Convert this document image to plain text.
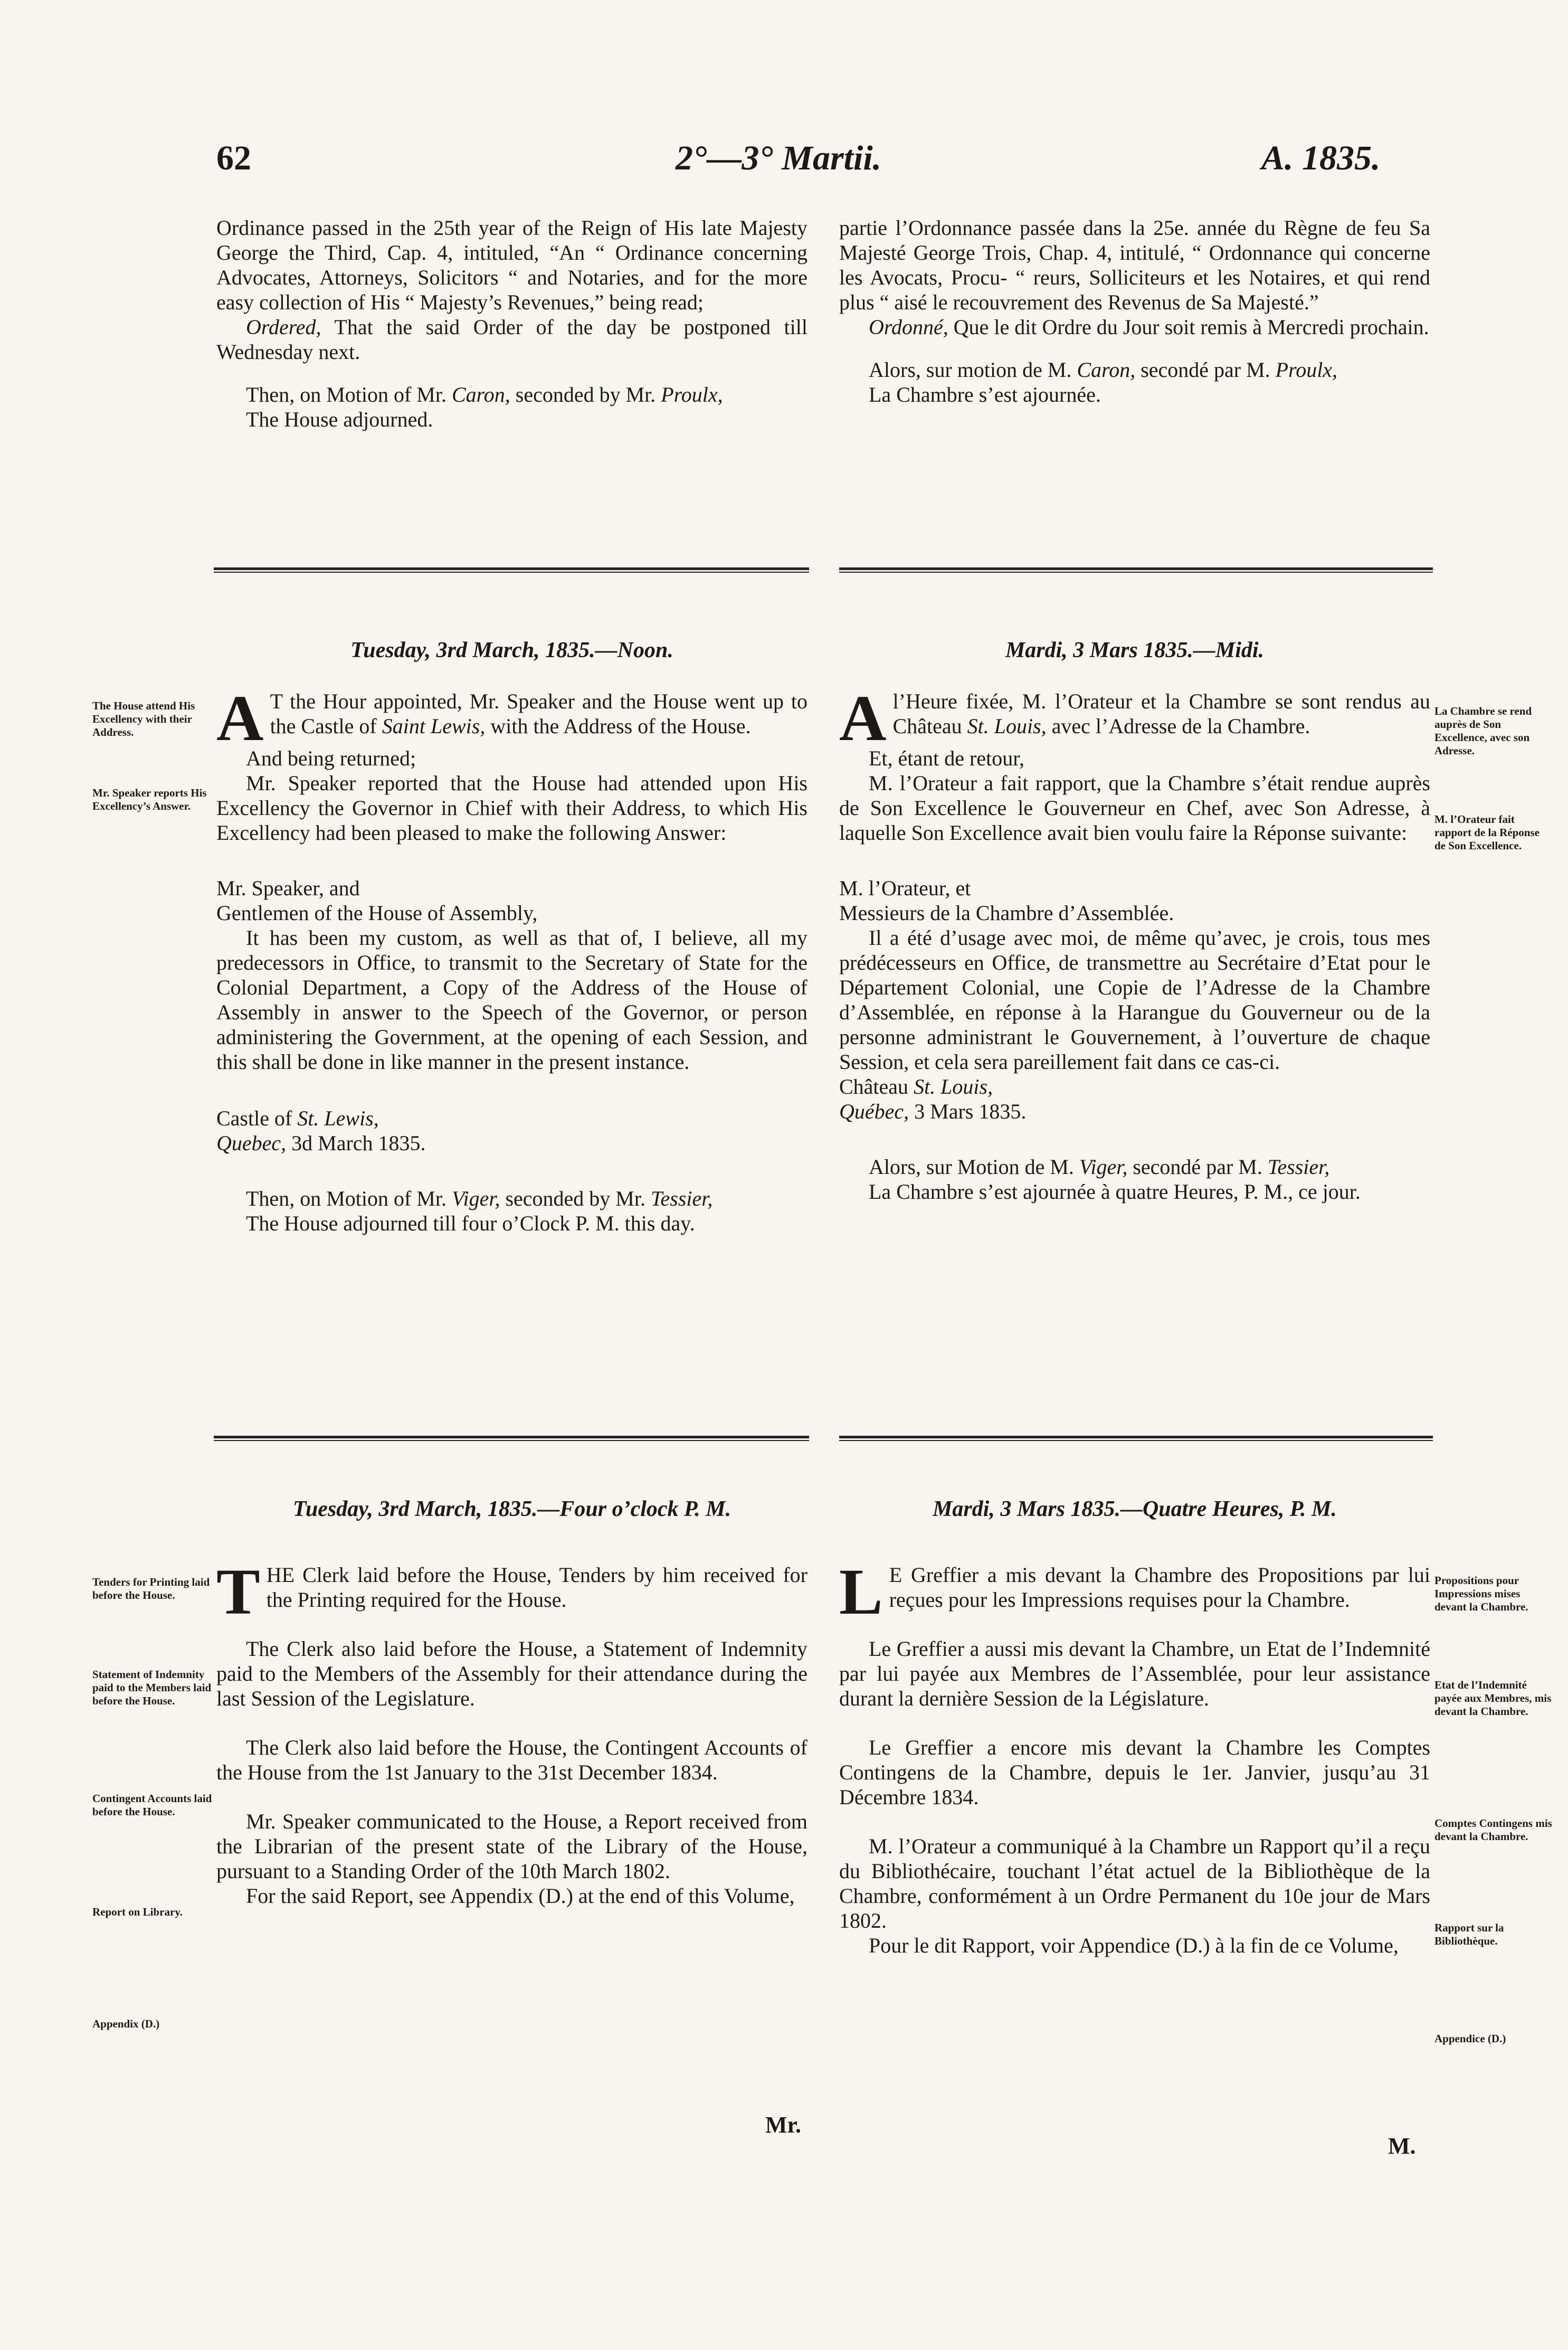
62	2°—3° Martii.	A. 1835.

Ordinance passed in the 25th year of the Reign of His late Majesty George the Third, Cap. 4, intituled, “An “ Ordinance concerning Advocates, Attorneys, Solicitors “ and Notaries, and for the more easy collection of His “ Majesty’s Revenues,” being read;

Ordered, That the said Order of the day be postponed till Wednesday next.

Then, on Motion of Mr. Caron, seconded by Mr. Proulx,

The House adjourned.

partie l’Ordonnance passée dans la 25e. année du Règne de feu Sa Majesté George Trois, Chap. 4, intitulé, “ Ordonnance qui concerne les Avocats, Procu- “ reurs, Solliciteurs et les Notaires, et qui rend plus “ aisé le recouvrement des Revenus de Sa Majesté.”

Ordonné, Que le dit Ordre du Jour soit remis à Mercredi prochain.

Alors, sur motion de M. Caron, secondé par M. Proulx,

La Chambre s’est ajournée.

Tuesday, 3rd March, 1835.—Noon.	Mardi, 3 Mars 1835.—Midi.
The House attend His Excellency with their Address.
Mr. Speaker reports His Excellency’s Answer.
La Chambre se rend auprès de Son Excellence, avec son Adresse.
M. l’Orateur fait rapport de la Réponse de Son Excellence.

A T the Hour appointed, Mr. Speaker and the House went up to the Castle of Saint Lewis, with the Address of the House.

And being returned;

Mr. Speaker reported that the House had attended upon His Excellency the Governor in Chief with their Address, to which His Excellency had been pleased to make the following Answer:

Mr. Speaker, and

Gentlemen of the House of Assembly,

It has been my custom, as well as that of, I believe, all my predecessors in Office, to transmit to the Secretary of State for the Colonial Department, a Copy of the Address of the House of Assembly in answer to the Speech of the Governor, or person administering the Government, at the opening of each Session, and this shall be done in like manner in the present instance.

Castle of St. Lewis,

Quebec, 3d March 1835.

Then, on Motion of Mr. Viger, seconded by Mr. Tessier,

The House adjourned till four o’Clock P. M. this day.

Al’Heure fixée, M. l’Orateur et la Chambre se sont rendus au Château St. Louis, avec l’Adresse de la Chambre.

Et, étant de retour,

M. l’Orateur a fait rapport, que la Chambre s’était rendue auprès de Son Excellence le Gouverneur en Chef, avec Son Adresse, à laquelle Son Excellence avait bien voulu faire la Réponse suivante:

M. l’Orateur, et

Messieurs de la Chambre d’Assemblée.

Il a été d’usage avec moi, de même qu’avec, je crois, tous mes prédécesseurs en Office, de transmettre au Secrétaire d’Etat pour le Département Colonial, une Copie de l’Adresse de la Chambre d’Assemblée, en réponse à la Harangue du Gouverneur ou de la personne administrant le Gouvernement, à l’ouverture de chaque Session, et cela sera pareillement fait dans ce cas-ci.

Château St. Louis,

Québec, 3 Mars 1835.

Alors, sur Motion de M. Viger, secondé par M. Tessier,

La Chambre s’est ajournée à quatre Heures, P. M., ce jour.

Tuesday, 3rd March, 1835.—Four o’clock P. M.	Mardi, 3 Mars 1835.—Quatre Heures, P. M.
Tenders for Printing laid before the House.
Statement of Indemnity paid to the Members laid before the House.
Contingent Accounts laid before the House.
Report on Library.
Appendix (D.)
Propositions pour Impressions mises devant la Chambre.
Etat de l’Indemnité payée aux Membres, mis devant la Chambre.
Comptes Contingens mis devant la Chambre.
Rapport sur la Bibliothèque.
Appendice (D.)

THE Clerk laid before the House, Tenders by him received for the Printing required for the House.

The Clerk also laid before the House, a Statement of Indemnity paid to the Members of the Assembly for their attendance during the last Session of the Legislature.

The Clerk also laid before the House, the Contingent Accounts of the House from the 1st January to the 31st December 1834.

Mr. Speaker communicated to the House, a Report received from the Librarian of the present state of the Library of the House, pursuant to a Standing Order of the 10th March 1802.

For the said Report, see Appendix (D.) at the end of this Volume,

L E Greffier a mis devant la Chambre des Propositions par lui reçues pour les Impressions requises pour la Chambre.

Le Greffier a aussi mis devant la Chambre, un Etat de l’Indemnité par lui payée aux Membres de l’Assemblée, pour leur assistance durant la dernière Session de la Législature.

Le Greffier a encore mis devant la Chambre les Comptes Contingens de la Chambre, depuis le 1er. Janvier, jusqu’au 31 Décembre 1834.

M. l’Orateur a communiqué à la Chambre un Rapport qu’il a reçu du Bibliothécaire, touchant l’état actuel de la Bibliothèque de la Chambre, conformément à un Ordre Permanent du 10e jour de Mars 1802.

Pour le dit Rapport, voir Appendice (D.) à la fin de ce Volume,

Mr.
M.
